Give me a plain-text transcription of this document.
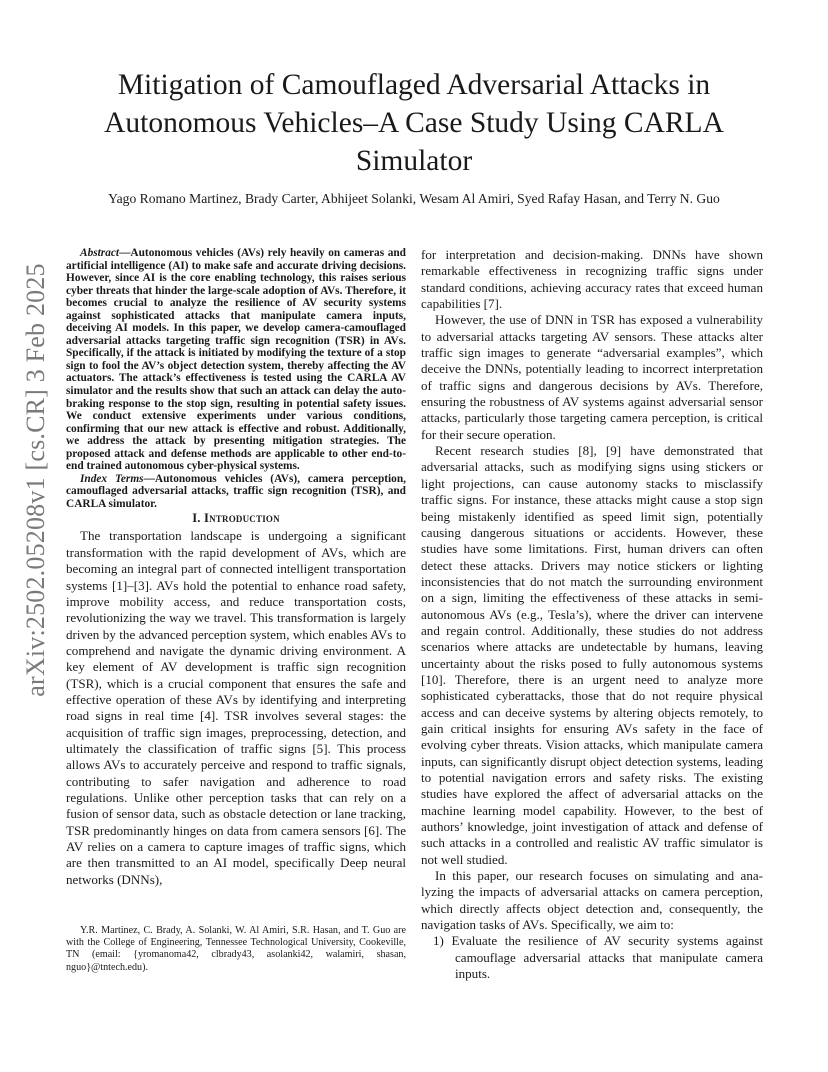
Mitigation of Camouflaged Adversarial Attacks in
Autonomous Vehicles–A Case Study Using CARLA
Simulator
Yago Romano Martinez, Brady Carter, Abhijeet Solanki, Wesam Al Amiri, Syed Rafay Hasan, and Terry N. Guo
arXiv:2502.05208v1 [cs.CR] 3 Feb 2025

Abstract—Autonomous vehicles (AVs) rely heavily on cameras and artificial intelligence (AI) to make safe and accurate driving decisions. However, since AI is the core enabling technology, this raises serious cyber threats that hinder the large-scale adoption of AVs. Therefore, it becomes crucial to analyze the resilience of AV security systems against sophisticated attacks that manipulate camera inputs, deceiving AI models. In this paper, we develop camera-camouflaged adversarial attacks targeting traffic sign recognition (TSR) in AVs. Specifically, if the attack is initiated by modifying the texture of a stop sign to fool the AV’s object detection system, thereby affecting the AV actuators. The attack’s effectiveness is tested using the CARLA AV simulator and the results show that such an attack can delay the auto-braking response to the stop sign, resulting in potential safety issues. We conduct extensive experiments under various conditions, confirming that our new attack is effective and robust. Additionally, we address the attack by presenting mitigation strategies. The proposed attack and defense methods are applicable to other end-to-end trained autonomous cyber-physical systems.

Index Terms—Autonomous vehicles (AVs), camera perception, camouflaged adversarial attacks, traffic sign recognition (TSR), and CARLA simulator.

I. Introduction

The transportation landscape is undergoing a significant transformation with the rapid development of AVs, which are becoming an integral part of connected intelligent transportation systems [1]–[3]. AVs hold the potential to enhance road safety, improve mobility access, and reduce transportation costs, revolutionizing the way we travel. This transformation is largely driven by the advanced perception system, which enables AVs to comprehend and navigate the dynamic driving environment. A key element of AV development is traffic sign recognition (TSR), which is a crucial component that ensures the safe and effective operation of these AVs by identifying and interpreting road signs in real time [4]. TSR involves several stages: the acquisition of traffic sign images, preprocessing, detection, and ultimately the classification of traffic signs [5]. This process allows AVs to accurately perceive and respond to traffic signals, contributing to safer navigation and adherence to road regulations. Unlike other perception tasks that can rely on a fusion of sensor data, such as obstacle detection or lane tracking, TSR predominantly hinges on data from camera sensors [6]. The AV relies on a camera to capture images of traffic signs, which are then transmitted to an AI model, specifically Deep neural networks (DNNs),

Y.R. Martinez, C. Brady, A. Solanki, W. Al Amiri, S.R. Hasan, and T. Guo are with the College of Engineering, Tennessee Technological University, Cookeville, TN (email: {yromanoma42, clbrady43, asolanki42, walamiri, shasan, nguo}@tntech.edu).

for interpretation and decision-making. DNNs have shown remarkable effectiveness in recognizing traffic signs under standard conditions, achieving accuracy rates that exceed human capabilities [7].

However, the use of DNN in TSR has exposed a vulnerability to adversarial attacks targeting AV sensors. These attacks alter traffic sign images to generate “adversarial examples”, which deceive the DNNs, potentially leading to incorrect interpretation of traffic signs and dangerous decisions by AVs. Therefore, ensuring the robustness of AV systems against adversarial sensor attacks, particularly those targeting camera perception, is critical for their secure operation.

Recent research studies [8], [9] have demonstrated that adversarial attacks, such as modifying signs using stickers or light projections, can cause autonomy stacks to misclassify traffic signs. For instance, these attacks might cause a stop sign being mistakenly identified as speed limit sign, potentially causing dangerous situations or accidents. However, these studies have some limitations. First, human drivers can often detect these attacks. Drivers may notice stickers or lighting inconsistencies that do not match the surrounding environment on a sign, limiting the effectiveness of these attacks in semi-autonomous AVs (e.g., Tesla’s), where the driver can intervene and regain control. Additionally, these studies do not address scenarios where attacks are undetectable by humans, leaving uncertainty about the risks posed to fully autonomous systems [10]. Therefore, there is an urgent need to analyze more sophisticated cyberattacks, those that do not require physical access and can deceive systems by altering objects remotely, to gain critical insights for ensuring AVs safety in the face of evolving cyber threats. Vision attacks, which manipulate camera inputs, can significantly disrupt object detection systems, leading to potential navigation errors and safety risks. The existing studies have explored the affect of adversarial attacks on the machine learning model capability. However, to the best of authors’ knowledge, joint investigation of attack and defense of such attacks in a controlled and realistic AV traffic simulator is not well studied.

In this paper, our research focuses on simulating and analyzing the impacts of adversarial attacks on camera perception, which directly affects object detection and, consequently, the navigation tasks of AVs. Specifically, we aim to:

1) Evaluate the resilience of AV security systems against camouflage adversarial attacks that manipulate camera inputs.
